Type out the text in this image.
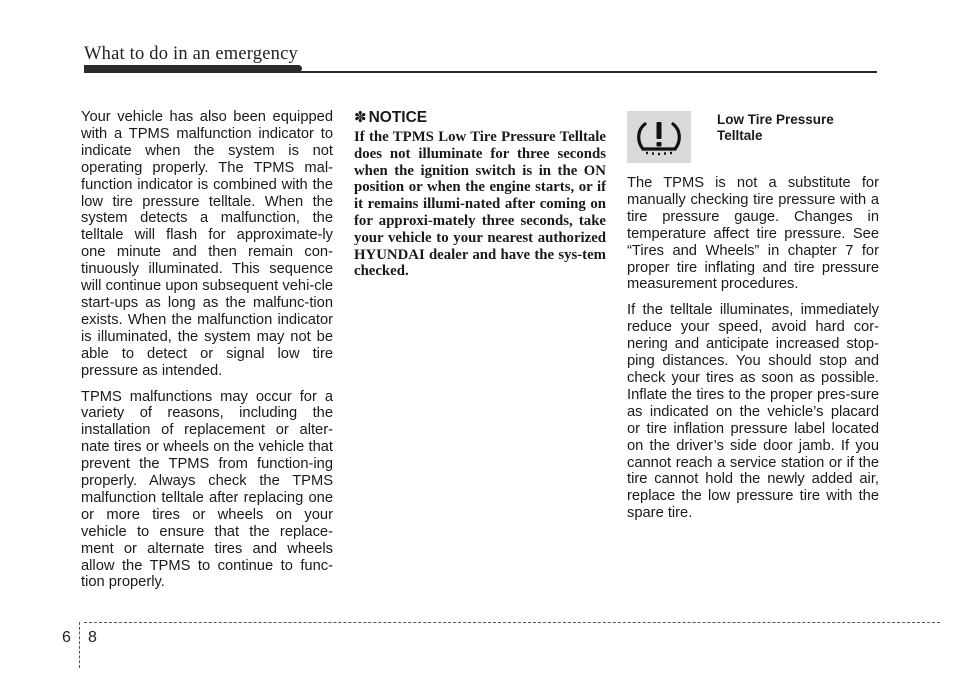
What to do in an emergency

Your vehicle has also been equipped with a TPMS malfunction indicator to indicate when the system is not operating properly. The TPMS mal-function indicator is combined with the low tire pressure telltale. When the system detects a malfunction, the telltale will flash for approximate-ly one minute and then remain con-tinuously illuminated. This sequence will continue upon subsequent vehi-cle start-ups as long as the malfunc-tion exists. When the malfunction indicator is illuminated, the system may not be able to detect or signal low tire pressure as intended.

TPMS malfunctions may occur for a variety of reasons, including the installation of replacement or alter-nate tires or wheels on the vehicle that prevent the TPMS from function-ing properly. Always check the TPMS malfunction telltale after replacing one or more tires or wheels on your vehicle to ensure that the replace-ment or alternate tires and wheels allow the TPMS to continue to func-tion properly.

✽ NOTICE

If the TPMS Low Tire Pressure Telltale does not illuminate for three seconds when the ignition switch is in the ON position or when the engine starts, or if it remains illumi-nated after coming on for approxi-mately three seconds, take your vehicle to your nearest authorized HYUNDAI dealer and have the sys-tem checked.

Low Tire Pressure
Telltale

The TPMS is not a substitute for manually checking tire pressure with a tire pressure gauge. Changes in temperature affect tire pressure. See “Tires and Wheels” in chapter 7 for proper tire inflating and tire pressure measurement procedures.

If the telltale illuminates, immediately reduce your speed, avoid hard cor-nering and anticipate increased stop-ping distances. You should stop and check your tires as soon as possible. Inflate the tires to the proper pres-sure as indicated on the vehicle’s placard or tire inflation pressure label located on the driver’s side door jamb. If you cannot reach a service station or if the tire cannot hold the newly added air, replace the low pressure tire with the spare tire.

6 8
